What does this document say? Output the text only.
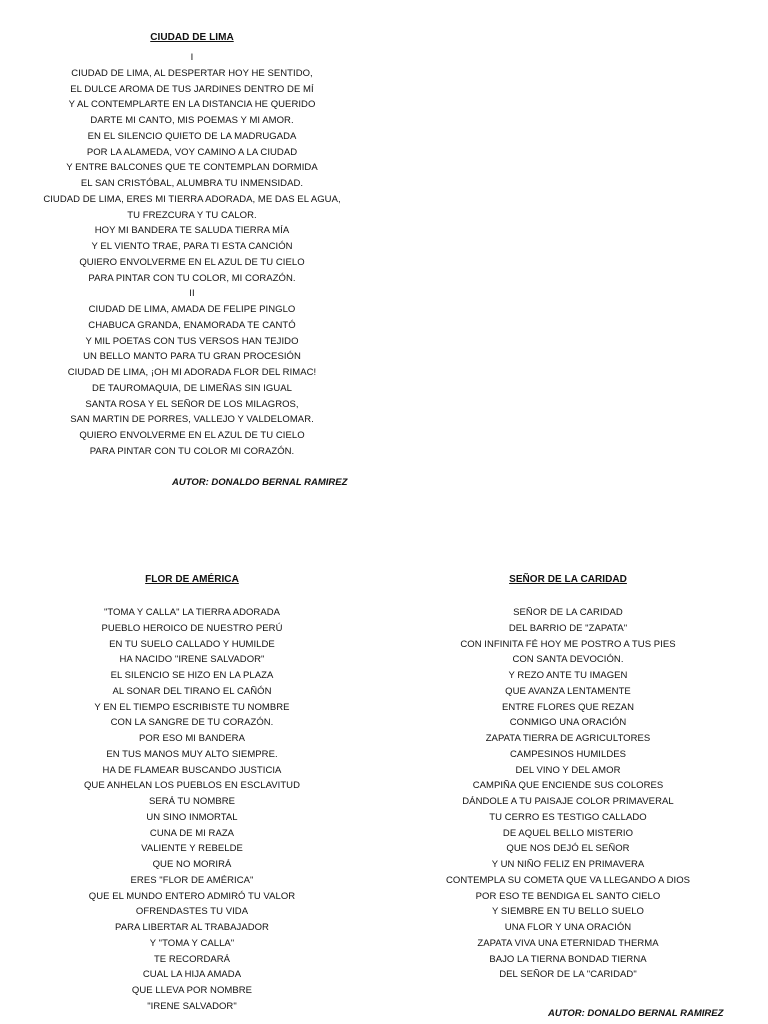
CIUDAD DE LIMA
I
CIUDAD DE LIMA, AL DESPERTAR HOY HE SENTIDO,
EL DULCE AROMA DE TUS JARDINES DENTRO DE MÍ
Y AL CONTEMPLARTE EN LA DISTANCIA HE QUERIDO
DARTE MI CANTO, MIS POEMAS Y MI AMOR.
EN EL SILENCIO QUIETO DE LA MADRUGADA
POR LA ALAMEDA, VOY CAMINO A LA CIUDAD
Y ENTRE BALCONES QUE TE CONTEMPLAN DORMIDA
EL SAN CRISTÓBAL, ALUMBRA TU INMENSIDAD.
CIUDAD DE LIMA, ERES MI TIERRA ADORADA, ME DAS EL AGUA,
TU FREZCURA Y TU CALOR.
HOY MI BANDERA TE SALUDA TIERRA MÍA
Y EL VIENTO TRAE, PARA TI ESTA CANCIÓN
QUIERO ENVOLVERME EN EL AZUL DE TU CIELO
PARA PINTAR CON TU COLOR, MI CORAZÓN.
II
CIUDAD DE LIMA, AMADA DE FELIPE PINGLO
CHABUCA GRANDA, ENAMORADA TE CANTÓ
Y MIL POETAS CON TUS VERSOS HAN TEJIDO
UN BELLO MANTO PARA TU GRAN PROCESIÓN
CIUDAD DE LIMA, ¡OH MI ADORADA FLOR DEL RIMAC!
DE TAUROMAQUIA, DE LIMEÑAS SIN IGUAL
SANTA ROSA Y EL SEÑOR DE LOS MILAGROS,
SAN MARTIN DE PORRES, VALLEJO Y VALDELOMAR.
QUIERO ENVOLVERME EN EL AZUL DE TU CIELO
PARA PINTAR CON TU COLOR MI CORAZÓN.
AUTOR: DONALDO BERNAL RAMIREZ
FLOR DE AMÉRICA
"TOMA Y CALLA" LA TIERRA ADORADA
PUEBLO HEROICO DE NUESTRO PERÚ
EN TU SUELO CALLADO Y HUMILDE
HA NACIDO "IRENE SALVADOR"
EL SILENCIO SE HIZO EN LA PLAZA
AL SONAR DEL TIRANO EL CAÑÓN
Y EN EL TIEMPO ESCRIBISTE TU NOMBRE
CON LA SANGRE DE TU CORAZÓN.
POR ESO MI BANDERA
EN TUS MANOS MUY ALTO SIEMPRE.
HA DE FLAMEAR BUSCANDO JUSTICIA
QUE ANHELAN LOS PUEBLOS EN ESCLAVITUD
SERÁ TU NOMBRE
UN SINO INMORTAL
CUNA DE MI RAZA
VALIENTE Y REBELDE
QUE NO MORIRÁ
ERES "FLOR DE AMÉRICA"
QUE EL MUNDO ENTERO ADMIRÓ TU VALOR
OFRENDASTES TU VIDA
PARA LIBERTAR AL TRABAJADOR
Y "TOMA Y CALLA"
TE RECORDARÁ
CUAL LA HIJA AMADA
QUE LLEVA POR NOMBRE
"IRENE SALVADOR"
SEÑOR DE LA CARIDAD
SEÑOR DE LA CARIDAD
DEL BARRIO DE "ZAPATA"
CON INFINITA FÉ HOY ME POSTRO A TUS PIES
CON SANTA DEVOCIÓN.
Y REZO ANTE TU IMAGEN
QUE AVANZA LENTAMENTE
ENTRE FLORES QUE REZAN
CONMIGO UNA ORACIÓN
ZAPATA TIERRA DE AGRICULTORES
CAMPESINOS HUMILDES
DEL VINO Y DEL AMOR
CAMPIÑA QUE ENCIENDE SUS COLORES
DÁNDOLE A TU PAISAJE COLOR PRIMAVERAL
TU CERRO ES TESTIGO CALLADO
DE AQUEL BELLO MISTERIO
QUE NOS DEJÓ EL SEÑOR
Y UN NIÑO FELIZ EN PRIMAVERA
CONTEMPLA SU COMETA QUE VA LLEGANDO A DIOS
POR ESO TE BENDIGA EL SANTO CIELO
Y SIEMBRE EN TU BELLO SUELO
UNA FLOR Y UNA ORACIÓN
ZAPATA VIVA UNA ETERNIDAD THERMA
BAJO LA TIERNA BONDAD TIERNA
DEL SEÑOR DE LA "CARIDAD"
AUTOR: DONALDO BERNAL RAMIREZ
